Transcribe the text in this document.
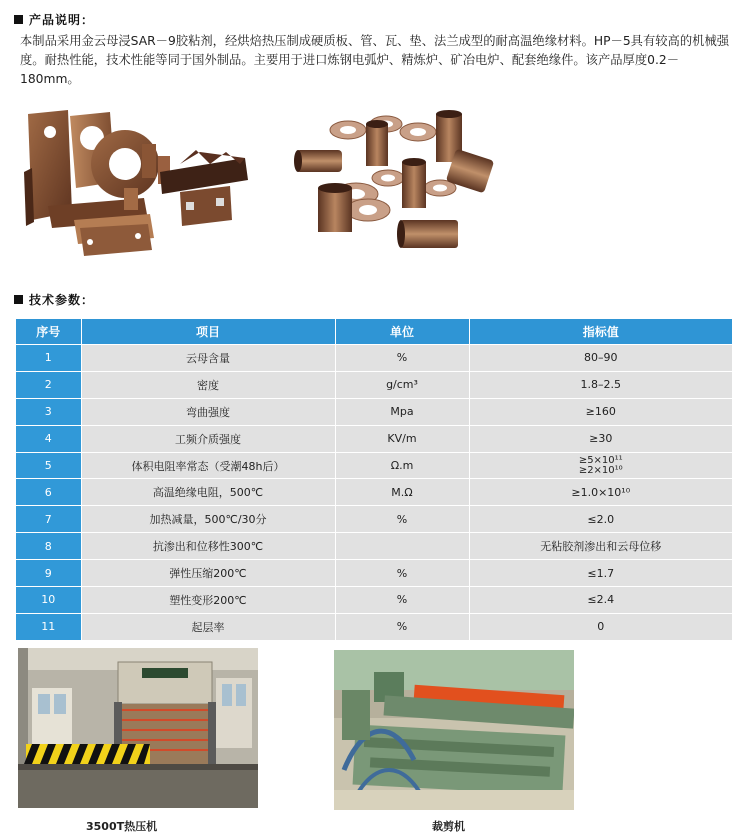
产品说明：
本制品采用金云母浸SAR－9胶粘剂，经烘焙热压制成硬质板、管、瓦、垫、法兰成型的耐高温绝缘材料。HP－5具有较高的机械强度。耐热性能，技术性能等同于国外制品。主要用于进口炼钢电弧炉、精炼炉、矿冶电炉、配套绝缘件。该产品厚度0.2－180mm。
技术参数：
序号	项目	单位	指标值
1	云母含量	%	80–90
2	密度	g/cm³	1.8–2.5
3	弯曲强度	Mpa	≥160
4	工频介质强度	KV/m	≥30
5	体积电阻率常态（受潮48h后）	Ω.m	≥5×10¹¹
≥2×10¹⁰
6	高温绝缘电阻，500℃	M.Ω	≥1.0×10¹⁰
7	加热减量，500℃/30分	%	≤2.0
8	抗渗出和位移性300℃		无粘胶剂渗出和云母位移
9	弹性压缩200℃	%	≤1.7
10	塑性变形200℃	%	≤2.4
11	起层率	%	0
3500T热压机	裁剪机
